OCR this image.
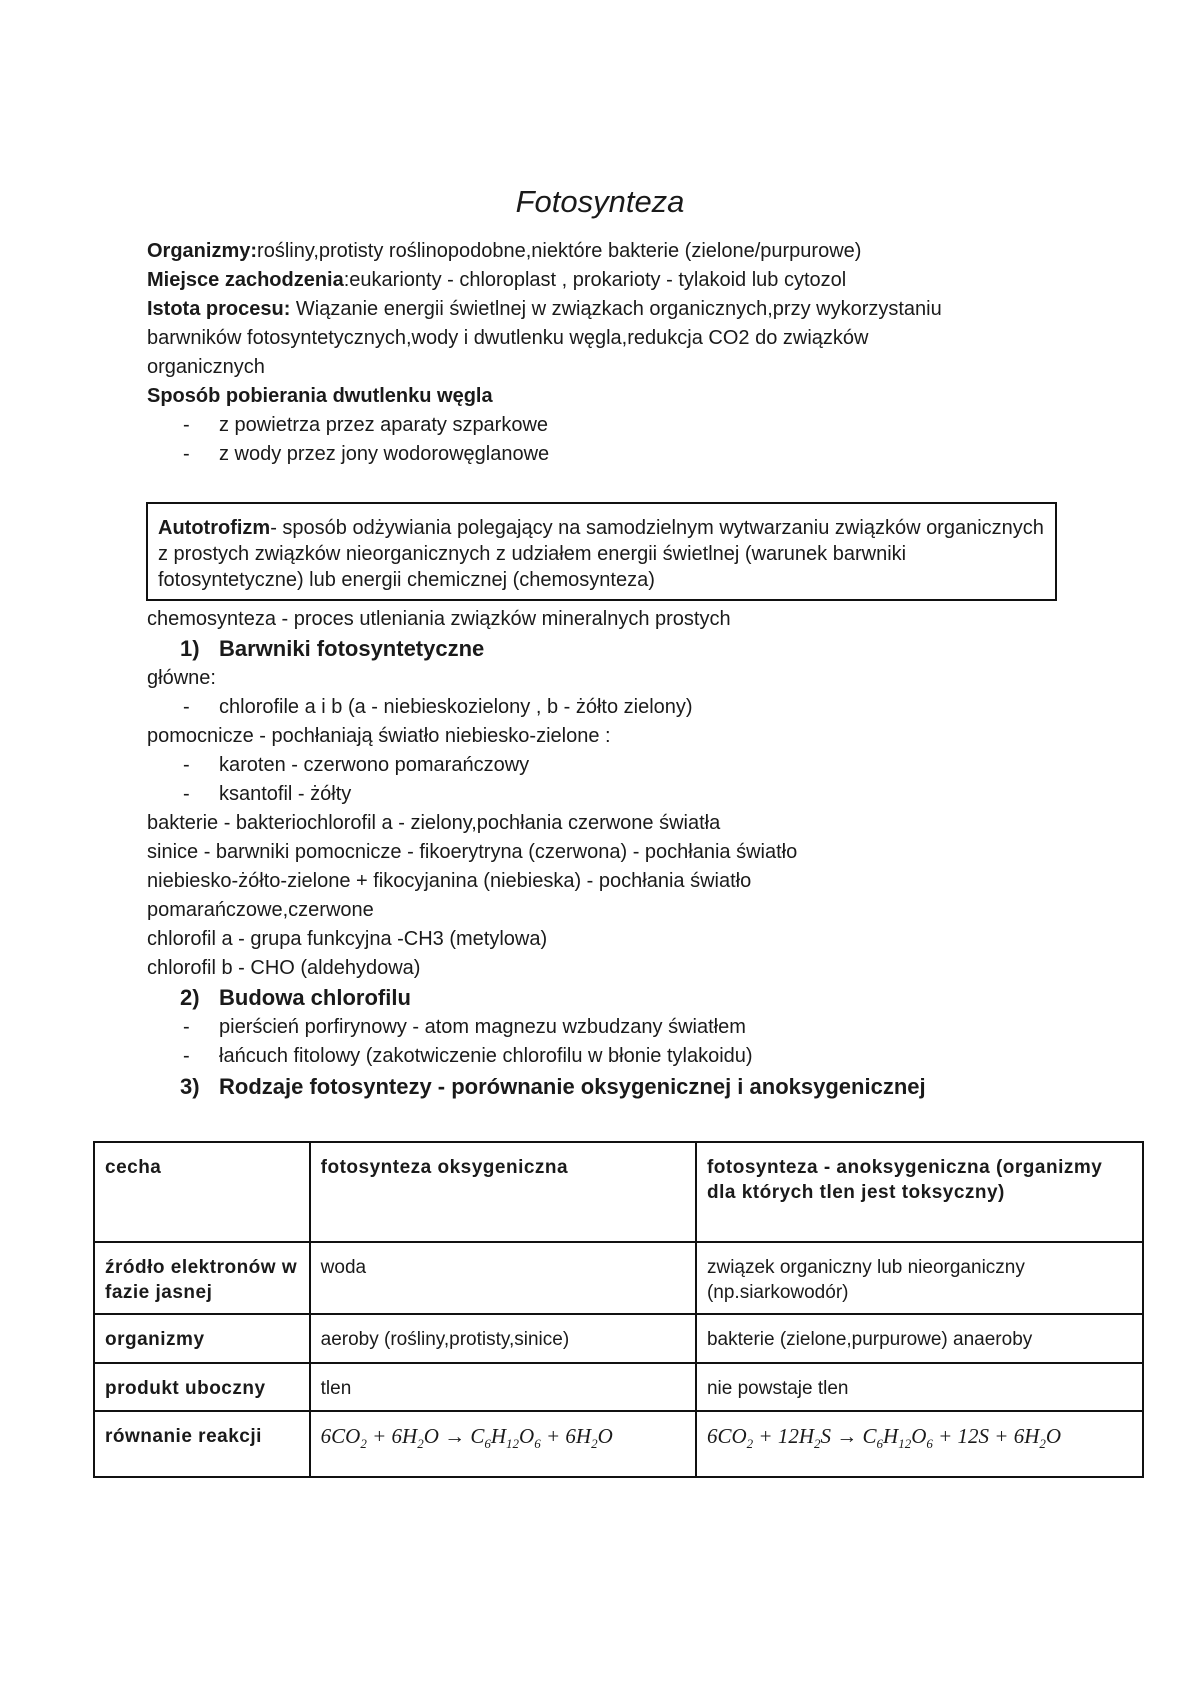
Fotosynteza
Organizmy:rośliny,protisty roślinopodobne,niektóre bakterie (zielone/purpurowe)
Miejsce zachodzenia:eukarionty - chloroplast , prokarioty - tylakoid lub cytozol
Istota procesu: Wiązanie energii świetlnej w związkach organicznych,przy wykorzystaniu
barwników fotosyntetycznych,wody i dwutlenku węgla,redukcja CO2 do związków
organicznych
Sposób pobierania dwutlenku węgla
- z powietrza przez aparaty szparkowe
- z wody przez jony wodorowęglanowe
Autotrofizm- sposób odżywiania polegający na samodzielnym wytwarzaniu związków organicznych z prostych związków nieorganicznych z udziałem energii świetlnej (warunek barwniki fotosyntetyczne) lub energii chemicznej (chemosynteza)
chemosynteza - proces utleniania związków mineralnych prostych
1) Barwniki fotosyntetyczne
główne:
- chlorofile a i b (a - niebieskozielony , b - żółto zielony)
pomocnicze - pochłaniają światło niebiesko-zielone :
- karoten - czerwono pomarańczowy
- ksantofil - żółty
bakterie - bakteriochlorofil a - zielony,pochłania czerwone światła
sinice - barwniki pomocnicze - fikoerytryna (czerwona) - pochłania światło
niebiesko-żółto-zielone + fikocyjanina (niebieska) - pochłania światło
pomarańczowe,czerwone
chlorofil a - grupa funkcyjna -CH3 (metylowa)
chlorofil b - CHO (aldehydowa)
2) Budowa chlorofilu
- pierścień porfirynowy - atom magnezu wzbudzany światłem
- łańcuch fitolowy (zakotwiczenie chlorofilu w błonie tylakoidu)
3) Rodzaje fotosyntezy - porównanie oksygenicznej i anoksygenicznej
cecha	fotosynteza oksygeniczna	fotosynteza - anoksygeniczna (organizmy dla których tlen jest toksyczny)
źródło elektronów w fazie jasnej	woda	związek organiczny lub nieorganiczny (np.siarkowodór)
organizmy	aeroby (rośliny,protisty,sinice)	bakterie (zielone,purpurowe) anaeroby
produkt uboczny	tlen	nie powstaje tlen
równanie reakcji	$6CO_2 + 6H_2O \to C_6H_{12}O_6 + 6H_2O$	$6CO_2 + 12H_2S \to C_6H_{12}O_6 + 12S + 6H_2O$
